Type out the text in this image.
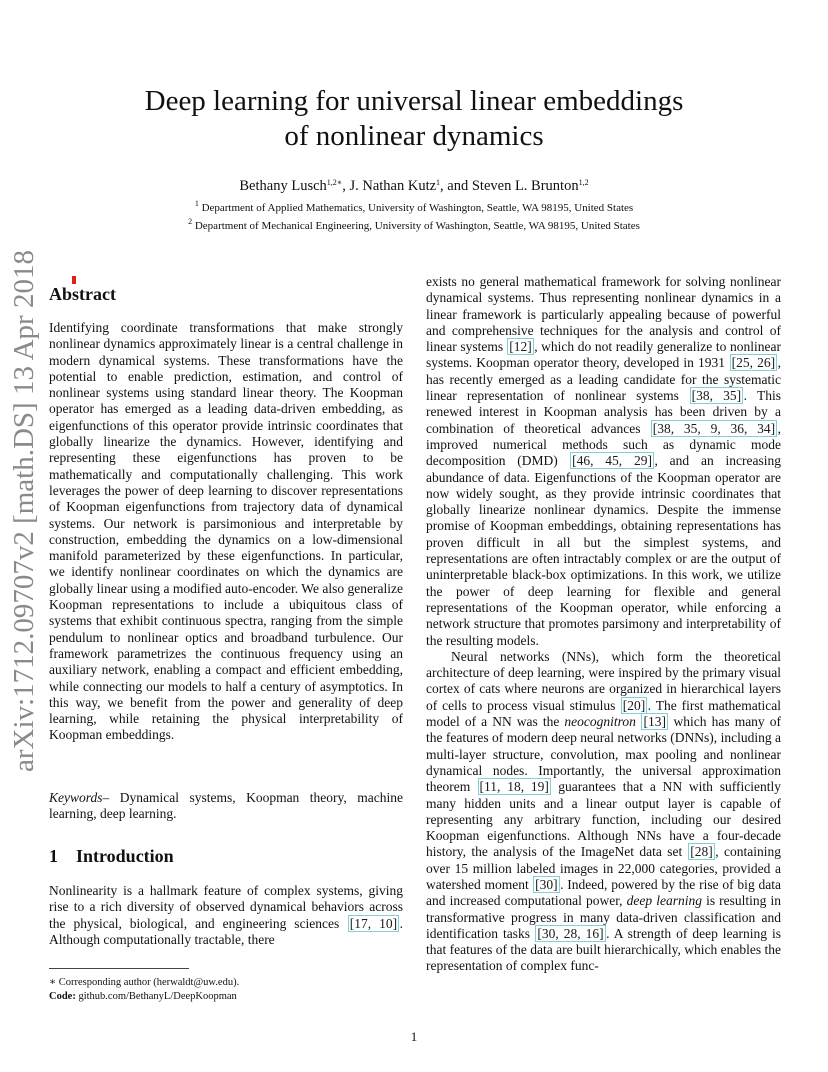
Deep learning for universal linear embeddings
of nonlinear dynamics
Bethany Lusch$^{1,2∗}$, J. Nathan Kutz$^1$, and Steven L. Brunton$^{1,2}$
$^1$ Department of Applied Mathematics, University of Washington, Seattle, WA 98195, United States
$^2$ Department of Mechanical Engineering, University of Washington, Seattle, WA 98195, United States
arXiv:1712.09707v2 [math.DS] 13 Apr 2018 Abstract

Identifying coordinate transformations that make strongly nonlinear dynamics approximately linear is a central challenge in modern dynamical systems. These transformations have the potential to enable prediction, estimation, and control of nonlinear systems using standard linear theory. The Koopman operator has emerged as a leading data-driven embedding, as eigenfunctions of this operator provide intrinsic coordinates that globally linearize the dynamics. However, identifying and representing these eigenfunctions has proven to be mathematically and computationally challenging. This work leverages the power of deep learning to discover representations of Koopman eigenfunctions from trajectory data of dynamical systems. Our network is parsimonious and interpretable by construction, embedding the dynamics on a low-dimensional manifold parameterized by these eigenfunctions. In particular, we identify nonlinear coordinates on which the dynamics are globally linear using a modified auto-encoder. We also generalize Koopman representations to include a ubiquitous class of systems that exhibit continuous spectra, ranging from the simple pendulum to nonlinear optics and broadband turbulence. Our framework parametrizes the continuous frequency using an auxiliary network, enabling a compact and efficient embedding, while connecting our models to half a century of asymptotics. In this way, we benefit from the power and generality of deep learning, while retaining the physical interpretability of Koopman embeddings.

Keywords– Dynamical systems, Koopman theory, machine learning, deep learning.
1 Introduction

Nonlinearity is a hallmark feature of complex systems, giving rise to a rich diversity of observed dynamical behaviors across the physical, biological, and engineering sciences [17, 10] . Although computationally tractable, there

∗ Corresponding author (herwaldt@uw.edu).
Code: github.com/BethanyL/DeepKoopman

exists no general mathematical framework for solving nonlinear dynamical systems. Thus representing nonlinear dynamics in a linear framework is particularly appealing because of powerful and comprehensive techniques for the analysis and control of linear systems [12] , which do not readily generalize to nonlinear systems. Koopman operator theory, developed in 1931 [25, 26] , has recently emerged as a leading candidate for the systematic linear representation of nonlinear systems [38, 35] . This renewed interest in Koopman analysis has been driven by a combination of theoretical advances [38, 35, 9, 36, 34] , improved numerical methods such as dynamic mode decomposition (DMD) [46, 45, 29] , and an increasing abundance of data. Eigenfunctions of the Koopman operator are now widely sought, as they provide intrinsic coordinates that globally linearize nonlinear dynamics. Despite the immense promise of Koopman embeddings, obtaining representations has proven difficult in all but the simplest systems, and representations are often intractably complex or are the output of uninterpretable black-box optimizations. In this work, we utilize the power of deep learning for flexible and general representations of the Koopman operator, while enforcing a network structure that promotes parsimony and interpretability of the resulting models.

Neural networks (NNs), which form the theoretical architecture of deep learning, were inspired by the primary visual cortex of cats where neurons are organized in hierarchical layers of cells to process visual stimulus [20] . The first mathematical model of a NN was the neocognitron [13] which has many of the features of modern deep neural networks (DNNs), including a multi-layer structure, convolution, max pooling and nonlinear dynamical nodes. Importantly, the universal approximation theorem [11, 18, 19] guarantees that a NN with sufficiently many hidden units and a linear output layer is capable of representing any arbitrary function, including our desired Koopman eigenfunctions. Although NNs have a four-decade history, the analysis of the ImageNet data set [28] , containing over 15 million labeled images in 22,000 categories, provided a watershed moment [30] . Indeed, powered by the rise of big data and increased computational power, deep learning is resulting in transformative progress in many data-driven classification and identification tasks [30, 28, 16] . A strength of deep learning is that features of the data are built hierarchically, which enables the representation of complex func-

1
